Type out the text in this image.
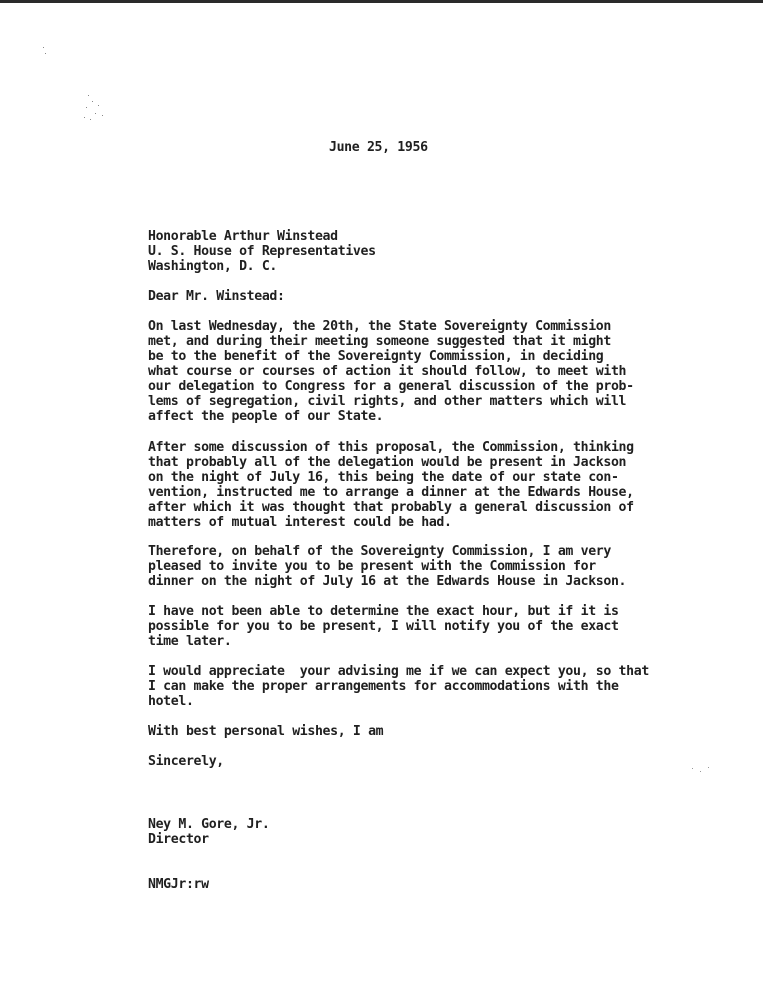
June 25, 1956
Honorable Arthur Winstead
U. S. House of Representatives
Washington, D. C.
Dear Mr. Winstead:
On last Wednesday, the 20th, the State Sovereignty Commission
met, and during their meeting someone suggested that it might
be to the benefit of the Sovereignty Commission, in deciding
what course or courses of action it should follow, to meet with
our delegation to Congress for a general discussion of the prob-
lems of segregation, civil rights, and other matters which will
affect the people of our State.
After some discussion of this proposal, the Commission, thinking
that probably all of the delegation would be present in Jackson
on the night of July 16, this being the date of our state con-
vention, instructed me to arrange a dinner at the Edwards House,
after which it was thought that probably a general discussion of
matters of mutual interest could be had.
Therefore, on behalf of the Sovereignty Commission, I am very
pleased to invite you to be present with the Commission for
dinner on the night of July 16 at the Edwards House in Jackson.
I have not been able to determine the exact hour, but if it is
possible for you to be present, I will notify you of the exact
time later.
I would appreciate  your advising me if we can expect you, so that
I can make the proper arrangements for accommodations with the
hotel.
With best personal wishes, I am
Sincerely,
Ney M. Gore, Jr.
Director
NMGJr:rw
